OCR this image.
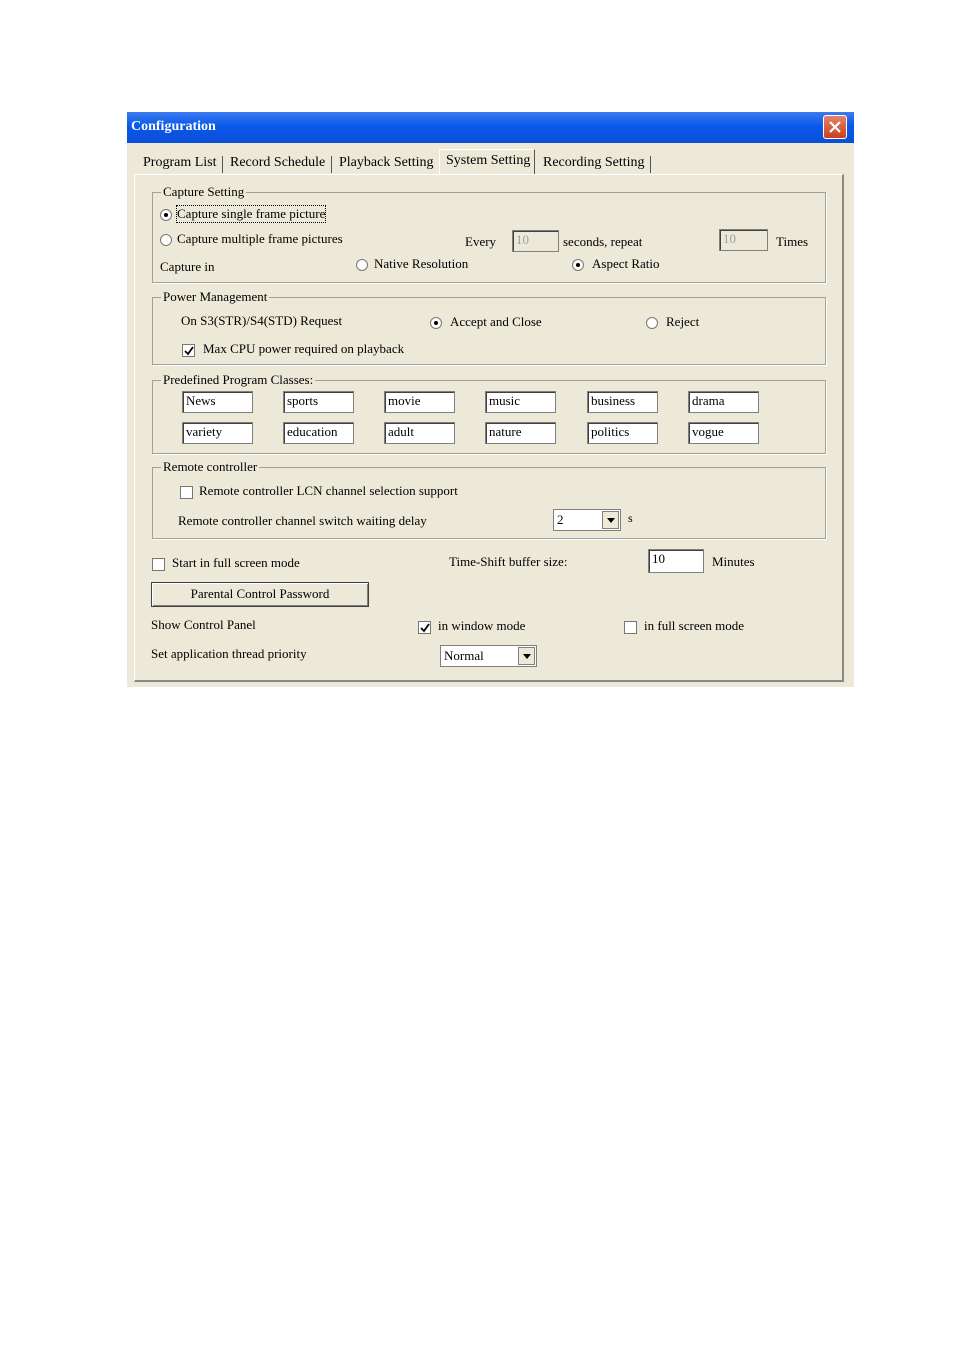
Configuration
Program List Record Schedule Playback Setting System Setting Recording Setting
Capture Setting
Capture single frame picture
Capture multiple frame pictures	Every	10	seconds, repeat	10	Times
Capture in	Native Resolution	Aspect Ratio
Power Management
On S3(STR)/S4(STD) Request	Accept and Close	Reject
Max CPU power required on playback
Predefined Program Classes:
News	sports	movie	music	business	drama
variety	education	adult	nature	politics	vogue
Remote controller
Remote controller LCN channel selection support
Remote controller channel switch waiting delay	2	s
Start in full screen mode	Time-Shift buffer size:	10	Minutes
Parental Control Password
Show Control Panel	in window mode	in full screen mode
Set application thread priority	Normal
